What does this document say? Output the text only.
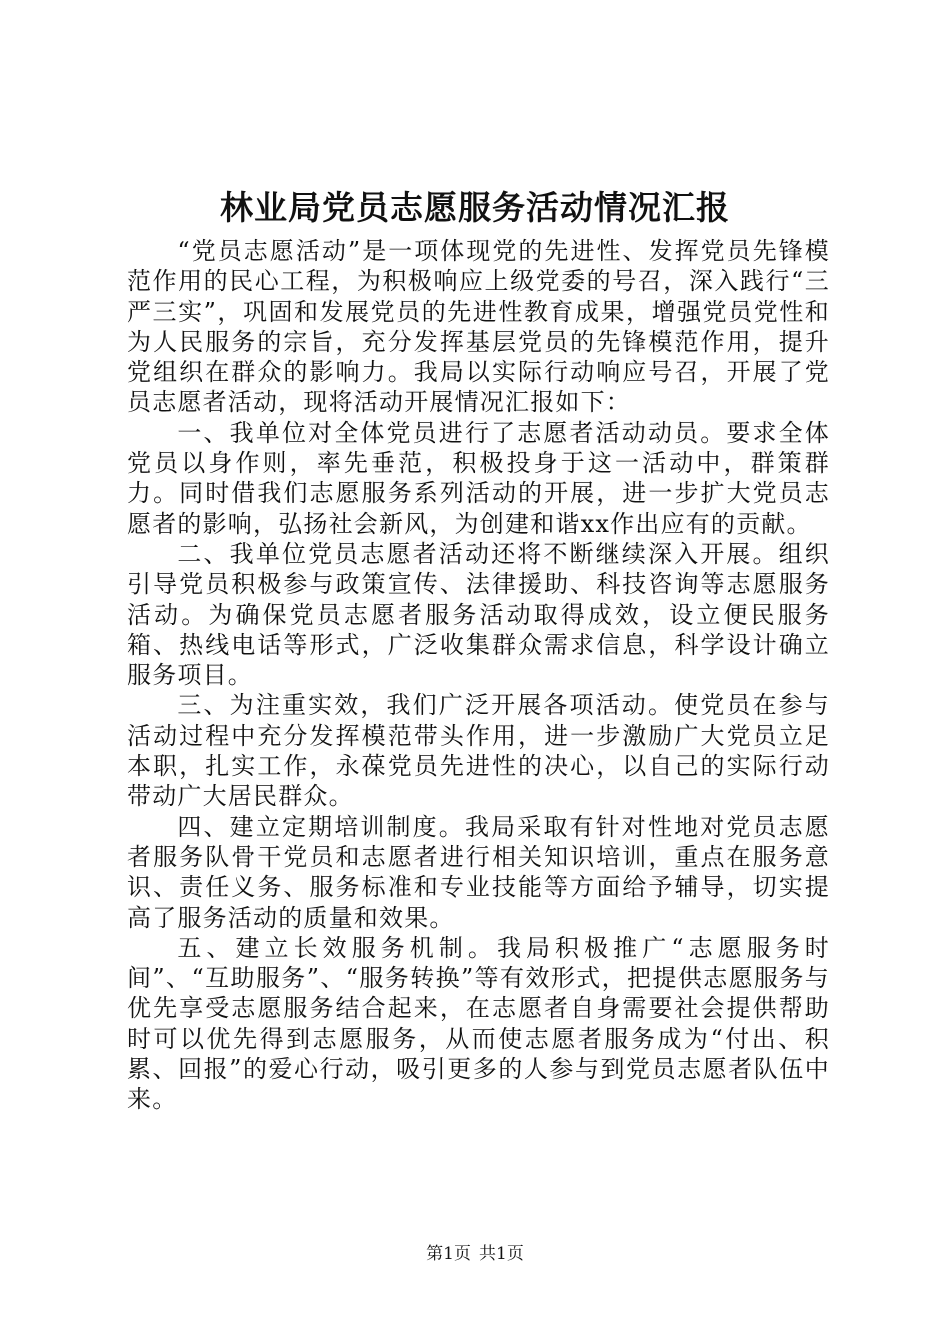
林业局党员志愿服务活动情况汇报

“党员志愿活动”是一项体现党的先进性、发挥党员先锋模范作用的民心工程，为积极响应上级党委的号召，深入践行“三严三实”，巩固和发展党员的先进性教育成果，增强党员党性和为人民服务的宗旨，充分发挥基层党员的先锋模范作用，提升党组织在群众的影响力。我局以实际行动响应号召，开展了党员志愿者活动，现将活动开展情况汇报如下：

一、我单位对全体党员进行了志愿者活动动员。要求全体党员以身作则，率先垂范，积极投身于这一活动中，群策群力。同时借我们志愿服务系列活动的开展，进一步扩大党员志愿者的影响，弘扬社会新风，为创建和谐xx作出应有的贡献。

二、我单位党员志愿者活动还将不断继续深入开展。组织引导党员积极参与政策宣传、法律援助、科技咨询等志愿服务活动。为确保党员志愿者服务活动取得成效，设立便民服务箱、热线电话等形式，广泛收集群众需求信息，科学设计确立服务项目。

三、为注重实效，我们广泛开展各项活动。使党员在参与活动过程中充分发挥模范带头作用，进一步激励广大党员立足本职，扎实工作，永葆党员先进性的决心，以自己的实际行动带动广大居民群众。

四、建立定期培训制度。我局采取有针对性地对党员志愿者服务队骨干党员和志愿者进行相关知识培训，重点在服务意识、责任义务、服务标准和专业技能等方面给予辅导，切实提高了服务活动的质量和效果。

五、建立长效服务机制。我局积极推广“志愿服务时间”、“互助服务”、“服务转换”等有效形式，把提供志愿服务与优先享受志愿服务结合起来，在志愿者自身需要社会提供帮助时可以优先得到志愿服务，从而使志愿者服务成为“付出、积累、回报”的爱心行动，吸引更多的人参与到党员志愿者队伍中来。

第1页 共1页
